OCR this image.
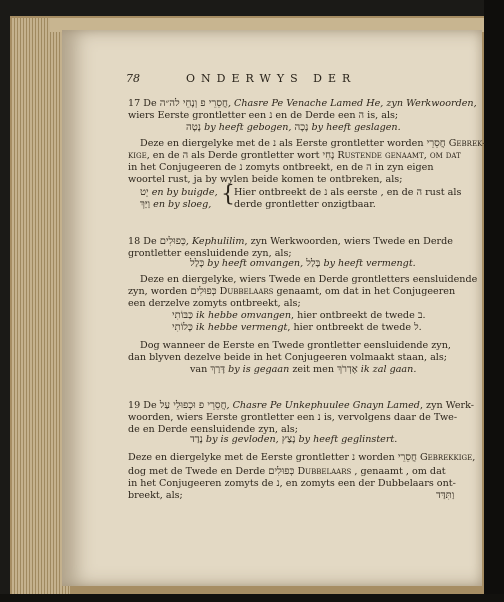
78	ONDERWYS DER
17 De חֲסֵרֵי פ וְנָחֵי לה״ה, Chasre Pe Venache Lamed He, zyn Werkwoorden,
wiers Eerste grontletter een נ en de Derde een ה is, als;
נָטָה by heeft gebogen, נָכָה by heeft geslagen.
Deze en diergelyke met de נ als Eerste grontletter worden חֲסֵרֵי Gebrek-
kige, en de ה als Derde grontletter wort נָחִי Rustende genaamt, om dat
in het Conjugeeren de נ zomyts ontbreekt, en de ה in zyn eigen
woortel rust, ja by wylen beide komen te ontbreken, als;
יֵט en by buigde,
וַיַּךְ en by sloeg, { Hier ontbreekt de נ als eerste , en de ה rust als
derde grontletter onzigtbaar.
18 De כְּפוּלִים, Kephulilim, zyn Werkwoorden, wiers Twede en Derde
grontletter eensluidende zyn, als;
כָּלַל by heeft omvangen, בָּלַל by heeft vermengt.
Deze en diergelyke, wiers Twede en Derde grontletters eensluidende
zyn, worden כְּפוּלִים Dubbelaars genaamt, om dat in het Conjugeeren
een derzelve zomyts ontbreekt, als;
כַּבּוֹתִי ik hebbe omvangen, hier ontbreekt de twede ב.
כָּלוֹתִי ik hebbe vermengt, hier ontbreekt de twede ל.
Dog wanneer de Eerste en Twede grontletter eensluidende zyn,
dan blyven dezelve beide in het Conjugeeren volmaakt staan, als;
van דָּרַךְ by is gegaan zeit men אֶדְרֹךְ ik zal gaan.
19 De חֲסֵרֵי פ וּכְפוּלֵי עַל, Chasre Pe Unkephuulee Gnayn Lamed, zyn Werk-
woorden, wiers Eerste grontletter een נ is, vervolgens daar de Twe-
de en Derde eensluidende zyn, als;
נָדַד by is gevloden, נָצַץ by heeft geglinstert.
Deze en diergelyke met de Eerste grontletter נ worden חֲסֵרֵי Gebrekkige,
dog met de Twede en Derde כְּפוּלִים Dubbelaars , genaamt , om dat
in het Conjugeeren zomyts de נ, en zomyts een der Dubbelaars ont-
breekt, als;	וַתִּדַּד
